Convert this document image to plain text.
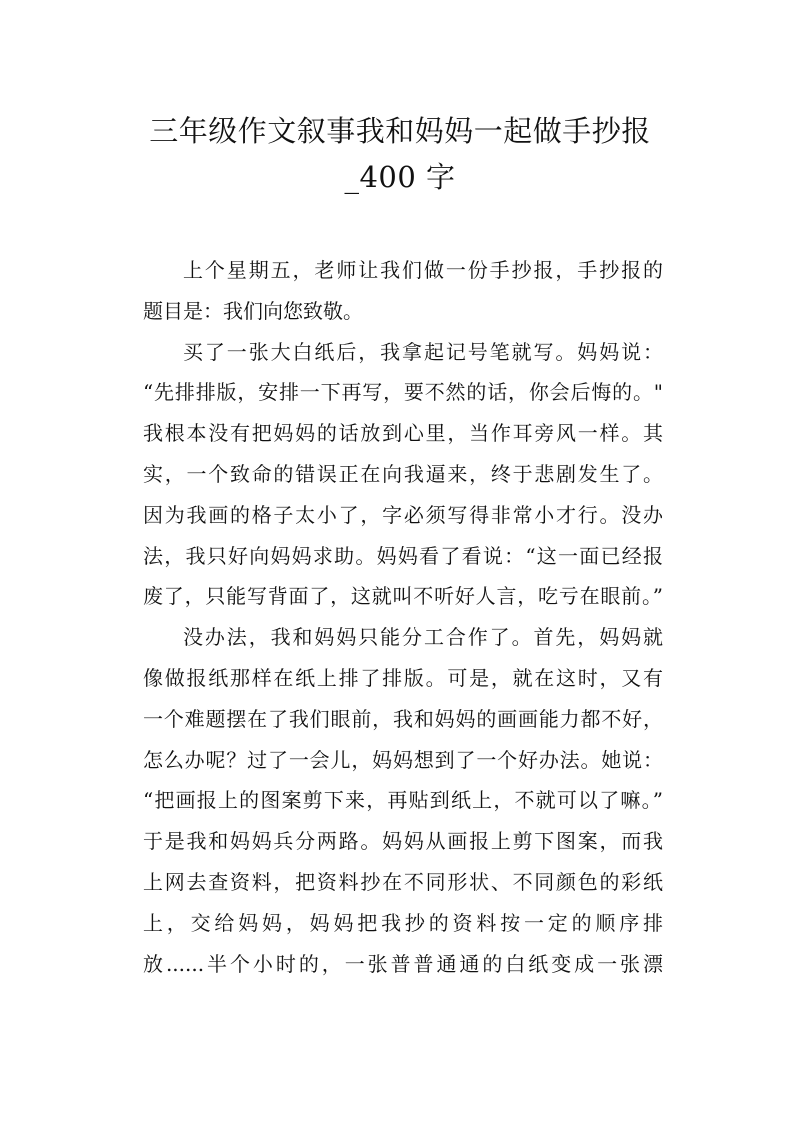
三年级作文叙事我和妈妈一起做手抄报
_400 字
上个星期五，老师让我们做一份手抄报，手抄报的
题目是：我们向您致敬。
买了一张大白纸后，我拿起记号笔就写。妈妈说：
“先排排版，安排一下再写，要不然的话，你会后悔的。"
我根本没有把妈妈的话放到心里，当作耳旁风一样。其
实，一个致命的错误正在向我逼来，终于悲剧发生了。
因为我画的格子太小了，字必须写得非常小才行。没办
法，我只好向妈妈求助。妈妈看了看说：“这一面已经报
废了，只能写背面了，这就叫不听好人言，吃亏在眼前。”
没办法，我和妈妈只能分工合作了。首先，妈妈就
像做报纸那样在纸上排了排版。可是，就在这时，又有
一个难题摆在了我们眼前，我和妈妈的画画能力都不好，
怎么办呢？过了一会儿，妈妈想到了一个好办法。她说：
“把画报上的图案剪下来，再贴到纸上，不就可以了嘛。”
于是我和妈妈兵分两路。妈妈从画报上剪下图案，而我
上网去查资料，把资料抄在不同形状、不同颜色的彩纸
上，交给妈妈，妈妈把我抄的资料按一定的顺序排
放......半个小时的，一张普普通通的白纸变成一张漂
